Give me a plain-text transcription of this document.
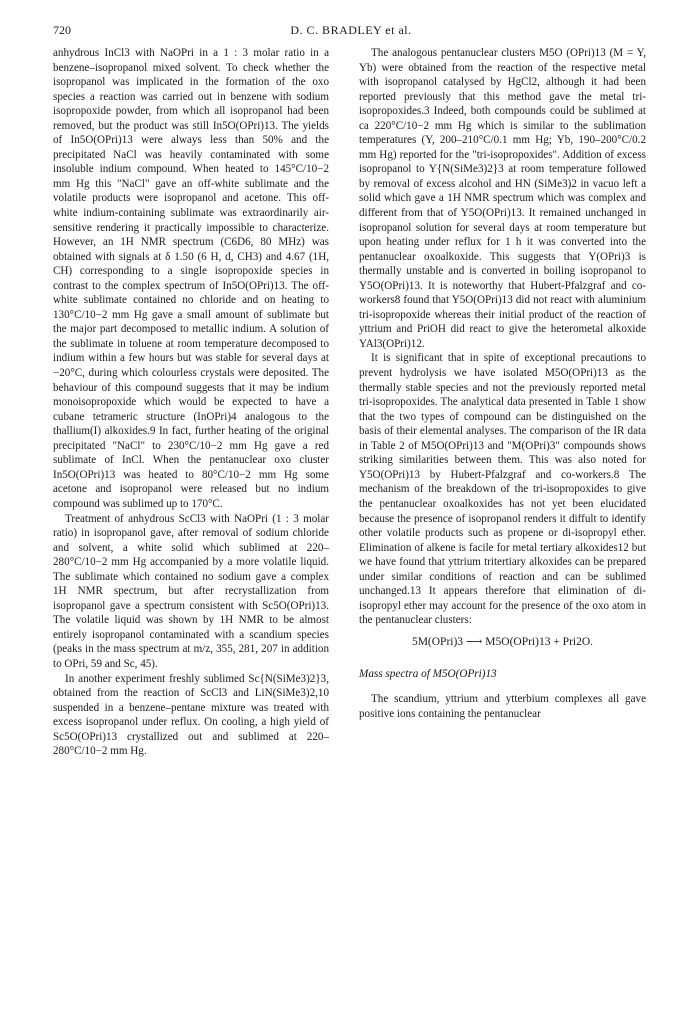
720	D. C. BRADLEY et al.

anhydrous InCl3 with NaOPri in a 1 : 3 molar ratio in a benzene–isopropanol mixed solvent. To check whether the isopropanol was implicated in the formation of the oxo species a reaction was carried out in benzene with sodium isopropoxide powder, from which all isopropanol had been removed, but the product was still In5O(OPri)13. The yields of In5O(OPri)13 were always less than 50% and the precipitated NaCl was heavily contaminated with some insoluble indium compound. When heated to 145°C/10−2 mm Hg this "NaCl" gave an off-white sublimate and the volatile products were isopropanol and acetone. This off-white indium-containing sublimate was extraordinarily air-sensitive rendering it practically impossible to characterize. However, an 1H NMR spectrum (C6D6, 80 MHz) was obtained with signals at δ 1.50 (6 H, d, CH3) and 4.67 (1H, CH) corresponding to a single isopropoxide species in contrast to the complex spectrum of In5O(OPri)13. The off-white sublimate contained no chloride and on heating to 130°C/10−2 mm Hg gave a small amount of sublimate but the major part decomposed to metallic indium. A solution of the sublimate in toluene at room temperature decomposed to indium within a few hours but was stable for several days at −20°C, during which colourless crystals were deposited. The behaviour of this compound suggests that it may be indium monoisopropoxide which would be expected to have a cubane tetrameric structure (InOPri)4 analogous to the thallium(I) alkoxides.9 In fact, further heating of the original precipitated "NaCl" to 230°C/10−2 mm Hg gave a red sublimate of InCl. When the pentanuclear oxo cluster In5O(OPri)13 was heated to 80°C/10−2 mm Hg some acetone and isopropanol were released but no indium compound was sublimed up to 170°C.

Treatment of anhydrous ScCl3 with NaOPri (1 : 3 molar ratio) in isopropanol gave, after removal of sodium chloride and solvent, a white solid which sublimed at 220–280°C/10−2 mm Hg accompanied by a more volatile liquid. The sublimate which contained no sodium gave a complex 1H NMR spectrum, but after recrystallization from isopropanol gave a spectrum consistent with Sc5O(OPri)13. The volatile liquid was shown by 1H NMR to be almost entirely isopropanol contaminated with a scandium species (peaks in the mass spectrum at m/z, 355, 281, 207 in addition to OPri, 59 and Sc, 45).

In another experiment freshly sublimed Sc{N(SiMe3)2}3, obtained from the reaction of ScCl3 and LiN(SiMe3)2,10 suspended in a benzene–pentane mixture was treated with excess isopropanol under reflux. On cooling, a high yield of Sc5O(OPri)13 crystallized out and sublimed at 220–280°C/10−2 mm Hg.

The analogous pentanuclear clusters M5O (OPri)13 (M = Y, Yb) were obtained from the reaction of the respective metal with isopropanol catalysed by HgCl2, although it had been reported previously that this method gave the metal tri-isopropoxides.3 Indeed, both compounds could be sublimed at ca 220°C/10−2 mm Hg which is similar to the sublimation temperatures (Y, 200–210°C/0.1 mm Hg; Yb, 190–200°C/0.2 mm Hg) reported for the "tri-isopropoxides". Addition of excess isopropanol to Y{N(SiMe3)2}3 at room temperature followed by removal of excess alcohol and HN (SiMe3)2 in vacuo left a solid which gave a 1H NMR spectrum which was complex and different from that of Y5O(OPri)13. It remained unchanged in isopropanol solution for several days at room temperature but upon heating under reflux for 1 h it was converted into the pentanuclear oxoalkoxide. This suggests that Y(OPri)3 is thermally unstable and is converted in boiling isopropanol to Y5O(OPri)13. It is noteworthy that Hubert-Pfalzgraf and co-workers8 found that Y5O(OPri)13 did not react with aluminium tri-isopropoxide whereas their initial product of the reaction of yttrium and PriOH did react to give the heterometal alkoxide YAl3(OPri)12.

It is significant that in spite of exceptional precautions to prevent hydrolysis we have isolated M5O(OPri)13 as the thermally stable species and not the previously reported metal tri-isopropoxides. The analytical data presented in Table 1 show that the two types of compound can be distinguished on the basis of their elemental analyses. The comparison of the IR data in Table 2 of M5O(OPri)13 and "M(OPri)3" compounds shows striking similarities between them. This was also noted for Y5O(OPri)13 by Hubert-Pfalzgraf and co-workers.8 The mechanism of the breakdown of the tri-isopropoxides to give the pentanuclear oxoalkoxides has not yet been elucidated because the presence of isopropanol renders it diffult to identify other volatile products such as propene or di-isopropyl ether. Elimination of alkene is facile for metal tertiary alkoxides12 but we have found that yttrium tritertiary alkoxides can be prepared under similar conditions of reaction and can be sublimed unchanged.13 It appears therefore that elimination of di-isopropyl ether may account for the presence of the oxo atom in the pentanuclear clusters:

5M(OPri)3 ⟶ M5O(OPri)13 + Pri2O.
Mass spectra of M5O(OPri)13

The scandium, yttrium and ytterbium complexes all gave positive ions containing the pentanuclear
